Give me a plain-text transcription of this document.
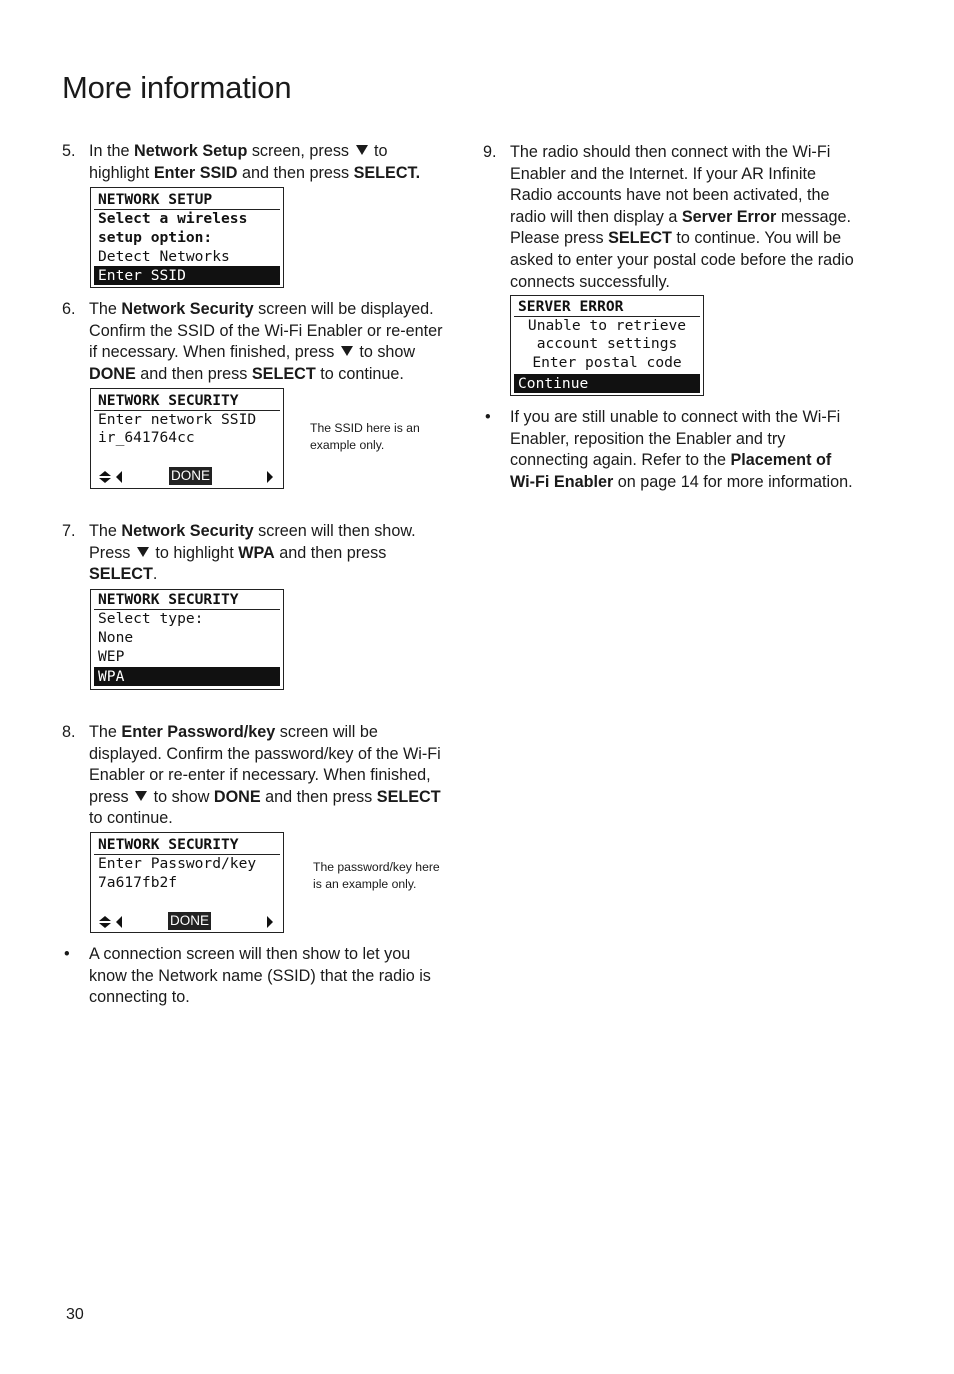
More information
5. In the Network Setup screen, press  to
highlight Enter SSID and then press SELECT.
NETWORK SETUP
Select a wireless
setup option:
Detect Networks
Enter SSID
6. The Network Security screen will be displayed.
Confirm the SSID of the Wi-Fi Enabler or re-enter
if necessary. When finished, press  to show
DONE and then press SELECT to continue.
NETWORK SECURITY
Enter network SSID
ir_641764cc
DONE
The SSID here is an
example only.
7. The Network Security screen will then show.
Press  to highlight WPA and then press
SELECT.
NETWORK SECURITY
Select type:
None
WEP
WPA
8. The Enter Password/key screen will be
displayed. Confirm the password/key of the Wi-Fi
Enabler or re-enter if necessary. When finished,
press  to show DONE and then press SELECT
to continue.
NETWORK SECURITY
Enter Password/key
7a617fb2f
DONE
The password/key here
is an example only.
• A connection screen will then show to let you
know the Network name (SSID) that the radio is
connecting to.
9. The radio should then connect with the Wi-Fi
Enabler and the Internet. If your AR Infinite
Radio accounts have not been activated, the
radio will then display a Server Error message.
Please press SELECT to continue. You will be
asked to enter your postal code before the radio
connects successfully.
SERVER ERROR
Unable to retrieve
account settings
Enter postal code
Continue
• If you are still unable to connect with the Wi-Fi
Enabler, reposition the Enabler and try
connecting again. Refer to the Placement of
Wi-Fi Enabler on page 14 for more information.
30
